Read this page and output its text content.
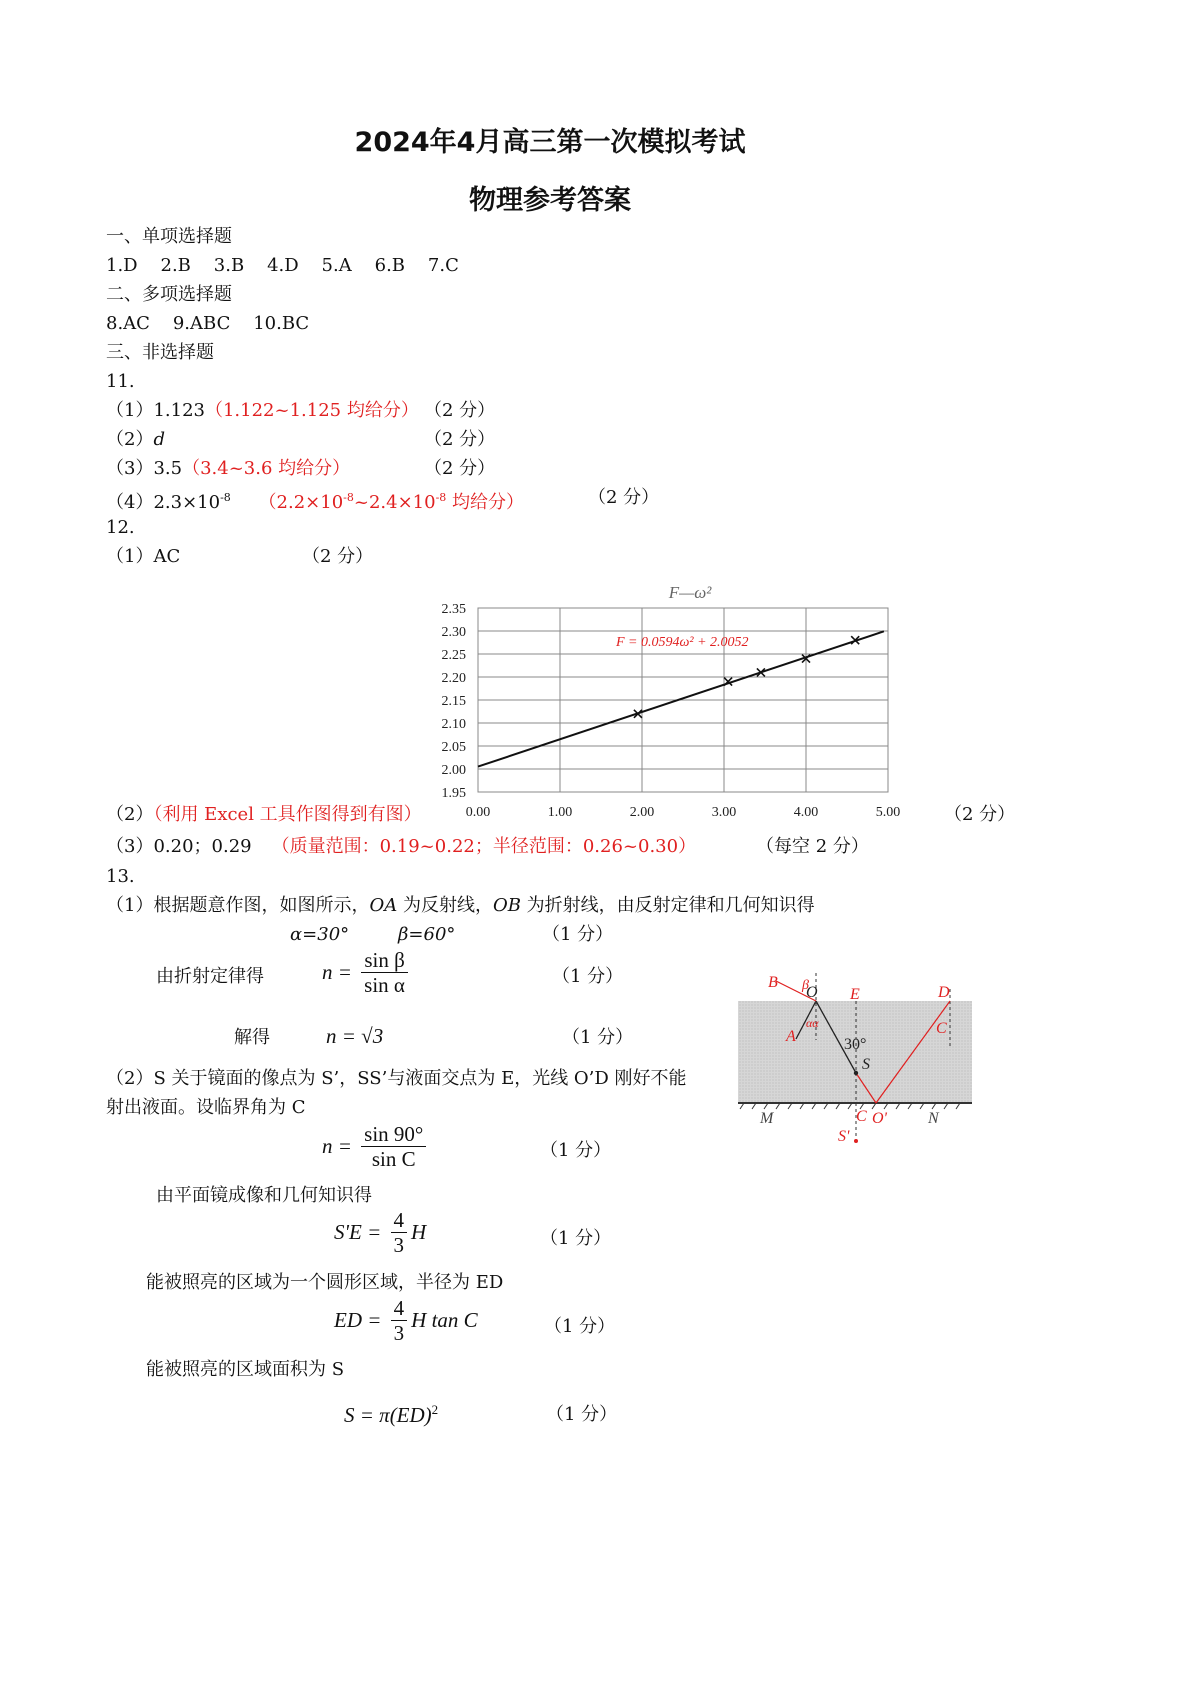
2024年4月高三第一次模拟考试
物理参考答案
一、单项选择题
1.D    2.B    3.B    4.D    5.A    6.B    7.C
二、多项选择题
8.AC    9.ABC    10.BC
三、非选择题
11.
（1）1.123（1.122~1.125 均给分） （2 分）
（2）d	（2 分）
（3）3.5（3.4~3.6 均给分）	（2 分）
$(4)2.3\times 10^{-8}$ （$2.2\times 10^{-8}\sim 2.4\times 10^{-8}$ 均给分）	（2 分）
12.
（1）AC	（2 分）
F—ω²
1.95
2.00
2.05
2.10
2.15
2.20
2.25
2.30
2.35
0.00	1.00	2.00	3.00	4.00	5.00
F = 0.0594ω² + 2.0052
（2）（利用 Excel 工具作图得到有图）	（2 分）
（3）0.20；0.29 （质量范围：0.19~0.22；半径范围：0.26~0.30）	（每空 2 分）
13.
（1）根据题意作图，如图所示，OA 为反射线，OB 为折射线，由反射定律和几何知识得
α=30°	β=60°	（1 分）
由折射定律得	$n = \frac{\text{sin β}}{\text{sin α}}$	（1 分）
解得	n = √3	（1 分）
（2）S 关于镜面的像点为 S’，SS’与液面交点为 E，光线 O’D 刚好不能
射出液面。设临界角为 C
$n = \frac{\sin 90^\circ}{\text{sin C}}$	（1 分）
由平面镜成像和几何知识得
$S'E = \frac{4}{3}$ H	（1 分）
能被照亮的区域为一个圆形区域，半径为 ED
ED = $\frac{4}{3}$ H tan C	（1 分）
能被照亮的区域面积为 S
S = π(ED)$^2$	（1 分）
B β
O E	D
A
αα	C
30°
S
M	C O'	N
S'
